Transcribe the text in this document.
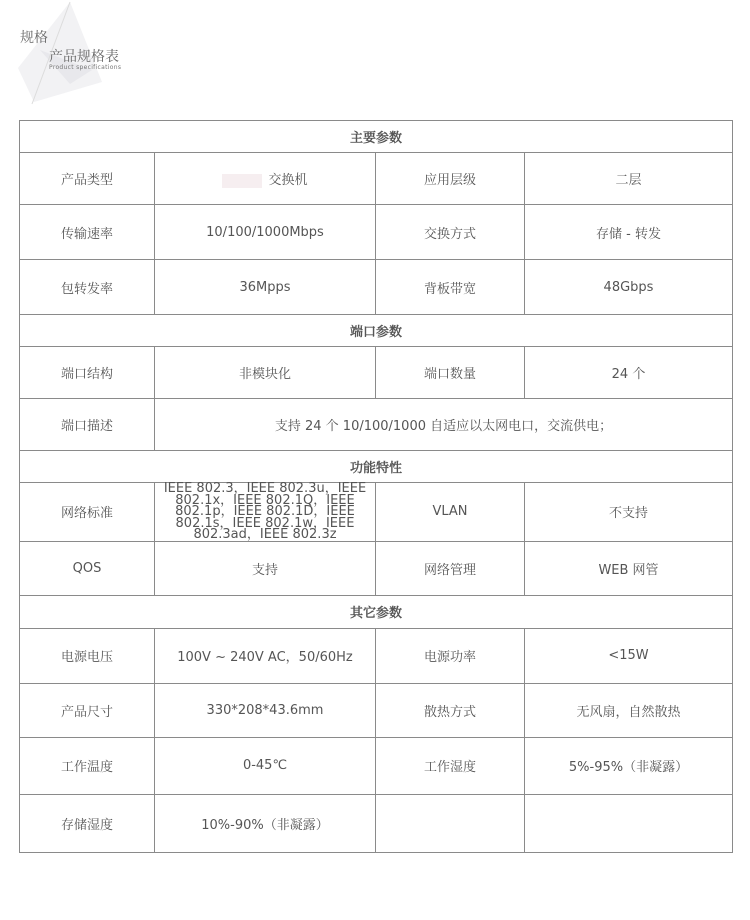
规格
产品规格表
Product specifications
主要参数			
产品类型	交换机	应用层级	二层
传输速率	10/100/1000Mbps	交换方式	存储 - 转发
包转发率	36Mpps	背板带宽	48Gbps
端口参数			
端口结构	非模块化	端口数量	24 个
端口描述	支持 24 个 10/100/1000 自适应以太网电口，交流供电；		
功能特性			
网络标准	IEEE 802.3，IEEE 802.3u，IEEE 802.1x，IEEE 802.1Q，IEEE 802.1p，IEEE 802.1D，IEEE 802.1s，IEEE 802.1w，IEEE 802.3ad，IEEE 802.3z	VLAN	不支持
QOS	支持	网络管理	WEB 网管
其它参数			
电源电压	100V ~ 240V AC，50/60Hz	电源功率	<15W
产品尺寸	330*208*43.6mm	散热方式	无风扇，自然散热
工作温度	0-45℃	工作湿度	5%-95%（非凝露）
存储湿度	10%-90%（非凝露）		
